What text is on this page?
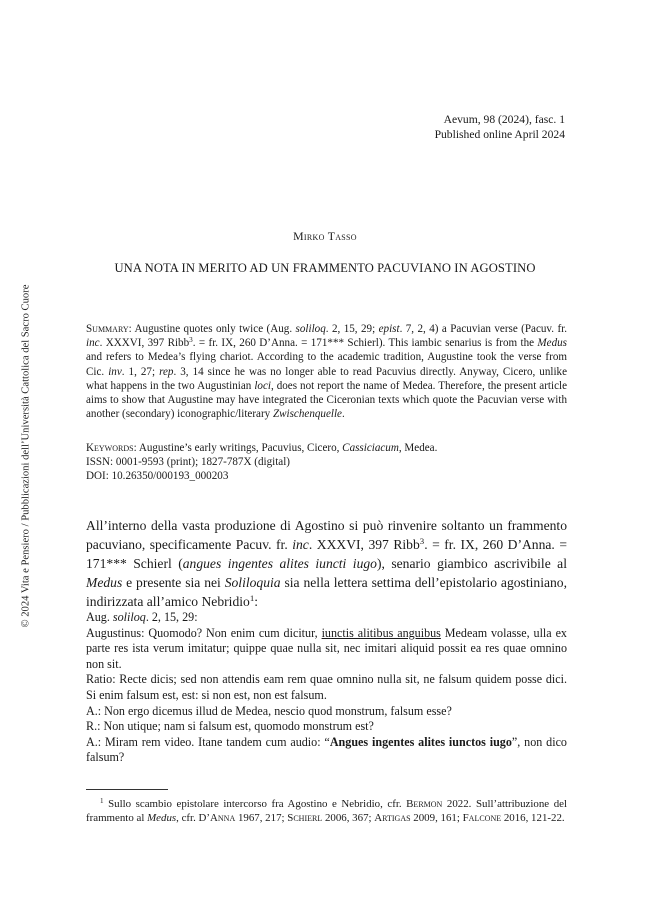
© 2024 Vita e Pensiero / Pubblicazioni dell’Università Cattolica del Sacro Cuore
Aevum, 98 (2024), fasc. 1
Published online April 2024
Mirko Tasso
UNA NOTA IN MERITO AD UN FRAMMENTO PACUVIANO IN AGOSTINO

Summary: Augustine quotes only twice (Aug. soliloq. 2, 15, 29; epist. 7, 2, 4) a Pacuvian verse (Pacuv. fr. inc. XXXVI, 397 Ribb$^3$. = fr. IX, 260 D’Anna. = 171*** Schierl). This iambic senarius is from the Medus and refers to Medea’s flying chariot. According to the academic tradition, Augustine took the verse from Cic. inv. 1, 27; rep. 3, 14 since he was no longer able to read Pacuvius directly. Anyway, Cicero, unlike what happens in the two Augustinian loci, does not report the name of Medea. Therefore, the present article aims to show that Augustine may have integrated the Ciceronian texts which quote the Pacuvian verse with another (secondary) iconographic/literary Zwischenquelle.

Keywords: Augustine’s early writings, Pacuvius, Cicero, Cassiciacum, Medea.
ISSN: 0001-9593 (print); 1827-787X (digital)
DOI: 10.26350/000193_000203

All’interno della vasta produzione di Agostino si può rinvenire soltanto un frammento pacuviano, specificamente Pacuv. fr. inc. XXXVI, 397 Ribb$^3$. = fr. IX, 260 D’Anna. = 171*** Schierl (angues ingentes alites iuncti iugo), senario giambico ascrivibile al Medus e presente sia nei Soliloquia sia nella lettera settima dell’epistolario agostiniano, indirizzata all’amico Nebridio$^1$:

Aug. soliloq. 2, 15, 29:

Augustinus: Quomodo? Non enim cum dicitur, iunctis alitibus anguibus Medeam volasse, ulla ex parte res ista verum imitatur; quippe quae nulla sit, nec imitari aliquid possit ea res quae omnino non sit.

Ratio: Recte dicis; sed non attendis eam rem quae omnino nulla sit, ne falsum quidem posse dici. Si enim falsum est, est: si non est, non est falsum.

A.: Non ergo dicemus illud de Medea, nescio quod monstrum, falsum esse?

R.: Non utique; nam si falsum est, quomodo monstrum est?

A.: Miram rem video. Itane tandem cum audio: “Angues ingentes alites iunctos iugo”, non dico falsum?

$^1$ Sullo scambio epistolare intercorso fra Agostino e Nebridio, cfr. Bermon 2022. Sull’attribuzione del frammento al Medus, cfr. D’Anna 1967, 217; Schierl 2006, 367; Artigas 2009, 161; Falcone 2016, 121-22.
